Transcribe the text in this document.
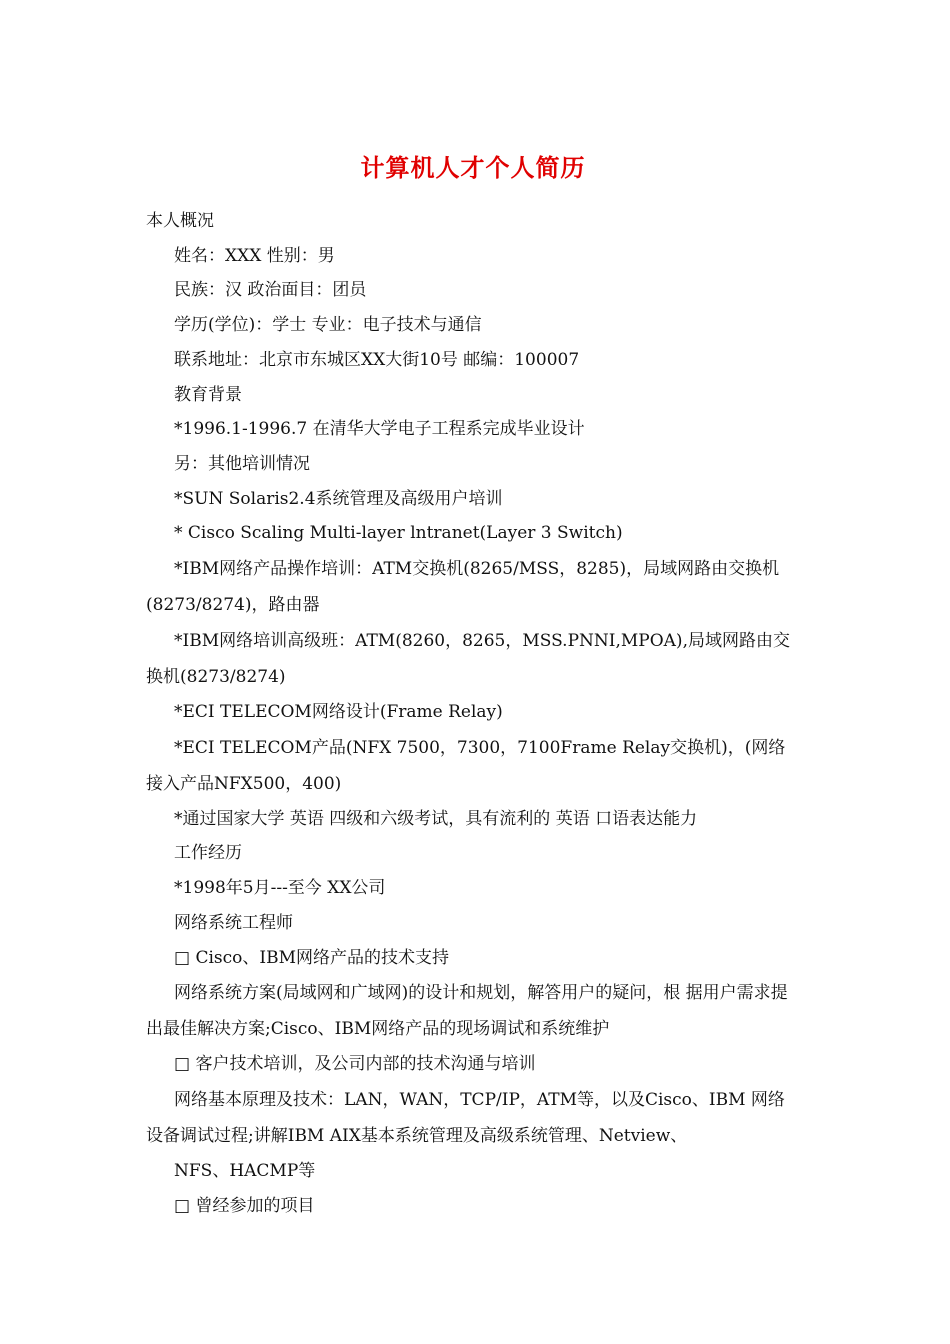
计算机人才个人简历

本人概况

姓名：XXX 性别：男

民族：汉 政治面目：团员

学历(学位)：学士 专业：电子技术与通信

联系地址：北京市东城区XX大街10号 邮编：100007

教育背景

*1996.1-1996.7 在清华大学电子工程系完成毕业设计

另：其他培训情况

*SUN Solaris2.4系统管理及高级用户培训

* Cisco Scaling Multi-layer lntranet(Layer 3 Switch)

*IBM网络产品操作培训：ATM交换机(8265/MSS，8285)，局域网路由交换机(8273/8274)，路由器

*IBM网络培训高级班：ATM(8260，8265，MSS.PNNI,MPOA),局域网路由交换机(8273/8274)

*ECI TELECOM网络设计(Frame Relay)

*ECI TELECOM产品(NFX 7500，7300，7100Frame Relay交换机)，(网络接入产品NFX500，400)

*通过国家大学 英语 四级和六级考试，具有流利的 英语 口语表达能力

工作经历

*1998年5月---至今 XX公司

网络系统工程师

□ Cisco、IBM网络产品的技术支持

网络系统方案(局域网和广域网)的设计和规划，解答用户的疑问，根 据用户需求提出最佳解决方案;Cisco、IBM网络产品的现场调试和系统维护

□ 客户技术培训，及公司内部的技术沟通与培训

网络基本原理及技术：LAN，WAN，TCP/IP，ATM等，以及Cisco、IBM 网络设备调试过程;讲解IBM AIX基本系统管理及高级系统管理、Netview、

NFS、HACMP等

□ 曾经参加的项目
